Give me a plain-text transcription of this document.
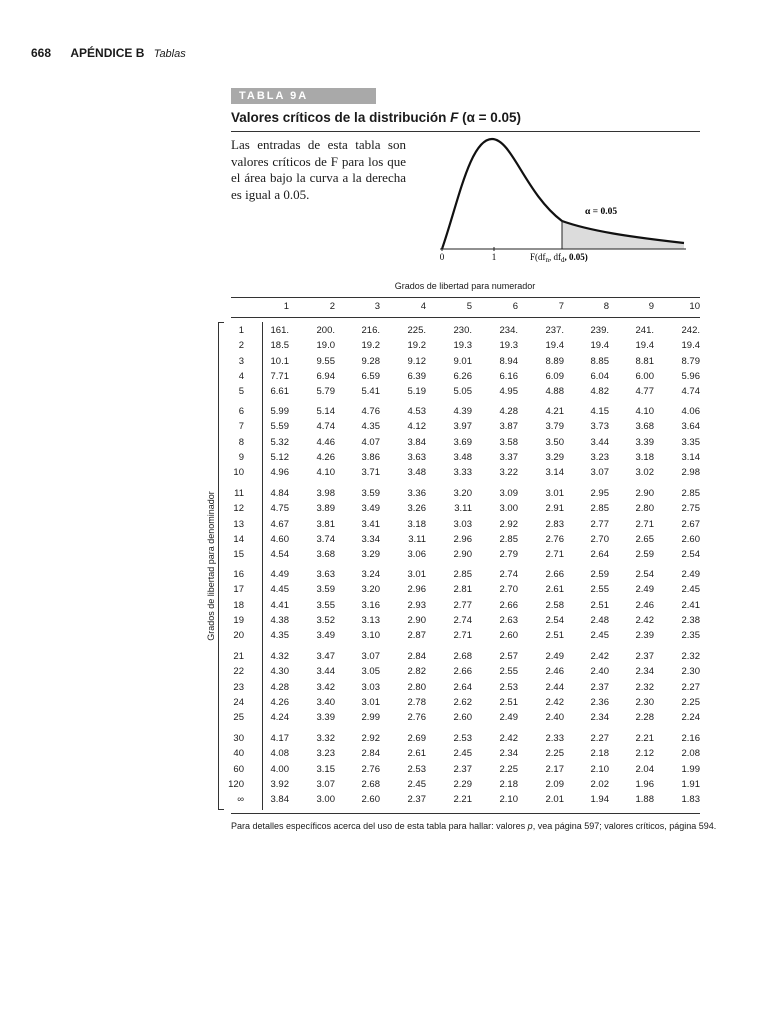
668 APÉNDICE B Tablas
TABLA 9A
Valores críticos de la distribución F (α = 0.05)
Las entradas de esta tabla son valores críticos de F para los que el área bajo la curva a la derecha es igual a 0.05.
0	1
α = 0.05
$F(df_n$, $df_d$, 0.05)
Grados de libertad para numerador
1	2	3	4	5	6	7	8	9	10
Grados de libertad para denominador
1	161.	200.	216.	225.	230.	234.	237.	239.	241.	242.
2	18.5	19.0	19.2	19.2	19.3	19.3	19.4	19.4	19.4	19.4
3	10.1	9.55	9.28	9.12	9.01	8.94	8.89	8.85	8.81	8.79
4	7.71	6.94	6.59	6.39	6.26	6.16	6.09	6.04	6.00	5.96
5	6.61	5.79	5.41	5.19	5.05	4.95	4.88	4.82	4.77	4.74
6	5.99	5.14	4.76	4.53	4.39	4.28	4.21	4.15	4.10	4.06
7	5.59	4.74	4.35	4.12	3.97	3.87	3.79	3.73	3.68	3.64
8	5.32	4.46	4.07	3.84	3.69	3.58	3.50	3.44	3.39	3.35
9	5.12	4.26	3.86	3.63	3.48	3.37	3.29	3.23	3.18	3.14
10	4.96	4.10	3.71	3.48	3.33	3.22	3.14	3.07	3.02	2.98
11	4.84	3.98	3.59	3.36	3.20	3.09	3.01	2.95	2.90	2.85
12	4.75	3.89	3.49	3.26	3.11	3.00	2.91	2.85	2.80	2.75
13	4.67	3.81	3.41	3.18	3.03	2.92	2.83	2.77	2.71	2.67
14	4.60	3.74	3.34	3.11	2.96	2.85	2.76	2.70	2.65	2.60
15	4.54	3.68	3.29	3.06	2.90	2.79	2.71	2.64	2.59	2.54
16	4.49	3.63	3.24	3.01	2.85	2.74	2.66	2.59	2.54	2.49
17	4.45	3.59	3.20	2.96	2.81	2.70	2.61	2.55	2.49	2.45
18	4.41	3.55	3.16	2.93	2.77	2.66	2.58	2.51	2.46	2.41
19	4.38	3.52	3.13	2.90	2.74	2.63	2.54	2.48	2.42	2.38
20	4.35	3.49	3.10	2.87	2.71	2.60	2.51	2.45	2.39	2.35
21	4.32	3.47	3.07	2.84	2.68	2.57	2.49	2.42	2.37	2.32
22	4.30	3.44	3.05	2.82	2.66	2.55	2.46	2.40	2.34	2.30
23	4.28	3.42	3.03	2.80	2.64	2.53	2.44	2.37	2.32	2.27
24	4.26	3.40	3.01	2.78	2.62	2.51	2.42	2.36	2.30	2.25
25	4.24	3.39	2.99	2.76	2.60	2.49	2.40	2.34	2.28	2.24
30	4.17	3.32	2.92	2.69	2.53	2.42	2.33	2.27	2.21	2.16
40	4.08	3.23	2.84	2.61	2.45	2.34	2.25	2.18	2.12	2.08
60	4.00	3.15	2.76	2.53	2.37	2.25	2.17	2.10	2.04	1.99
120	3.92	3.07	2.68	2.45	2.29	2.18	2.09	2.02	1.96	1.91
∞	3.84	3.00	2.60	2.37	2.21	2.10	2.01	1.94	1.88	1.83
Para detalles específicos acerca del uso de esta tabla para hallar: valores p, vea página 597; valores críticos, página 594.
